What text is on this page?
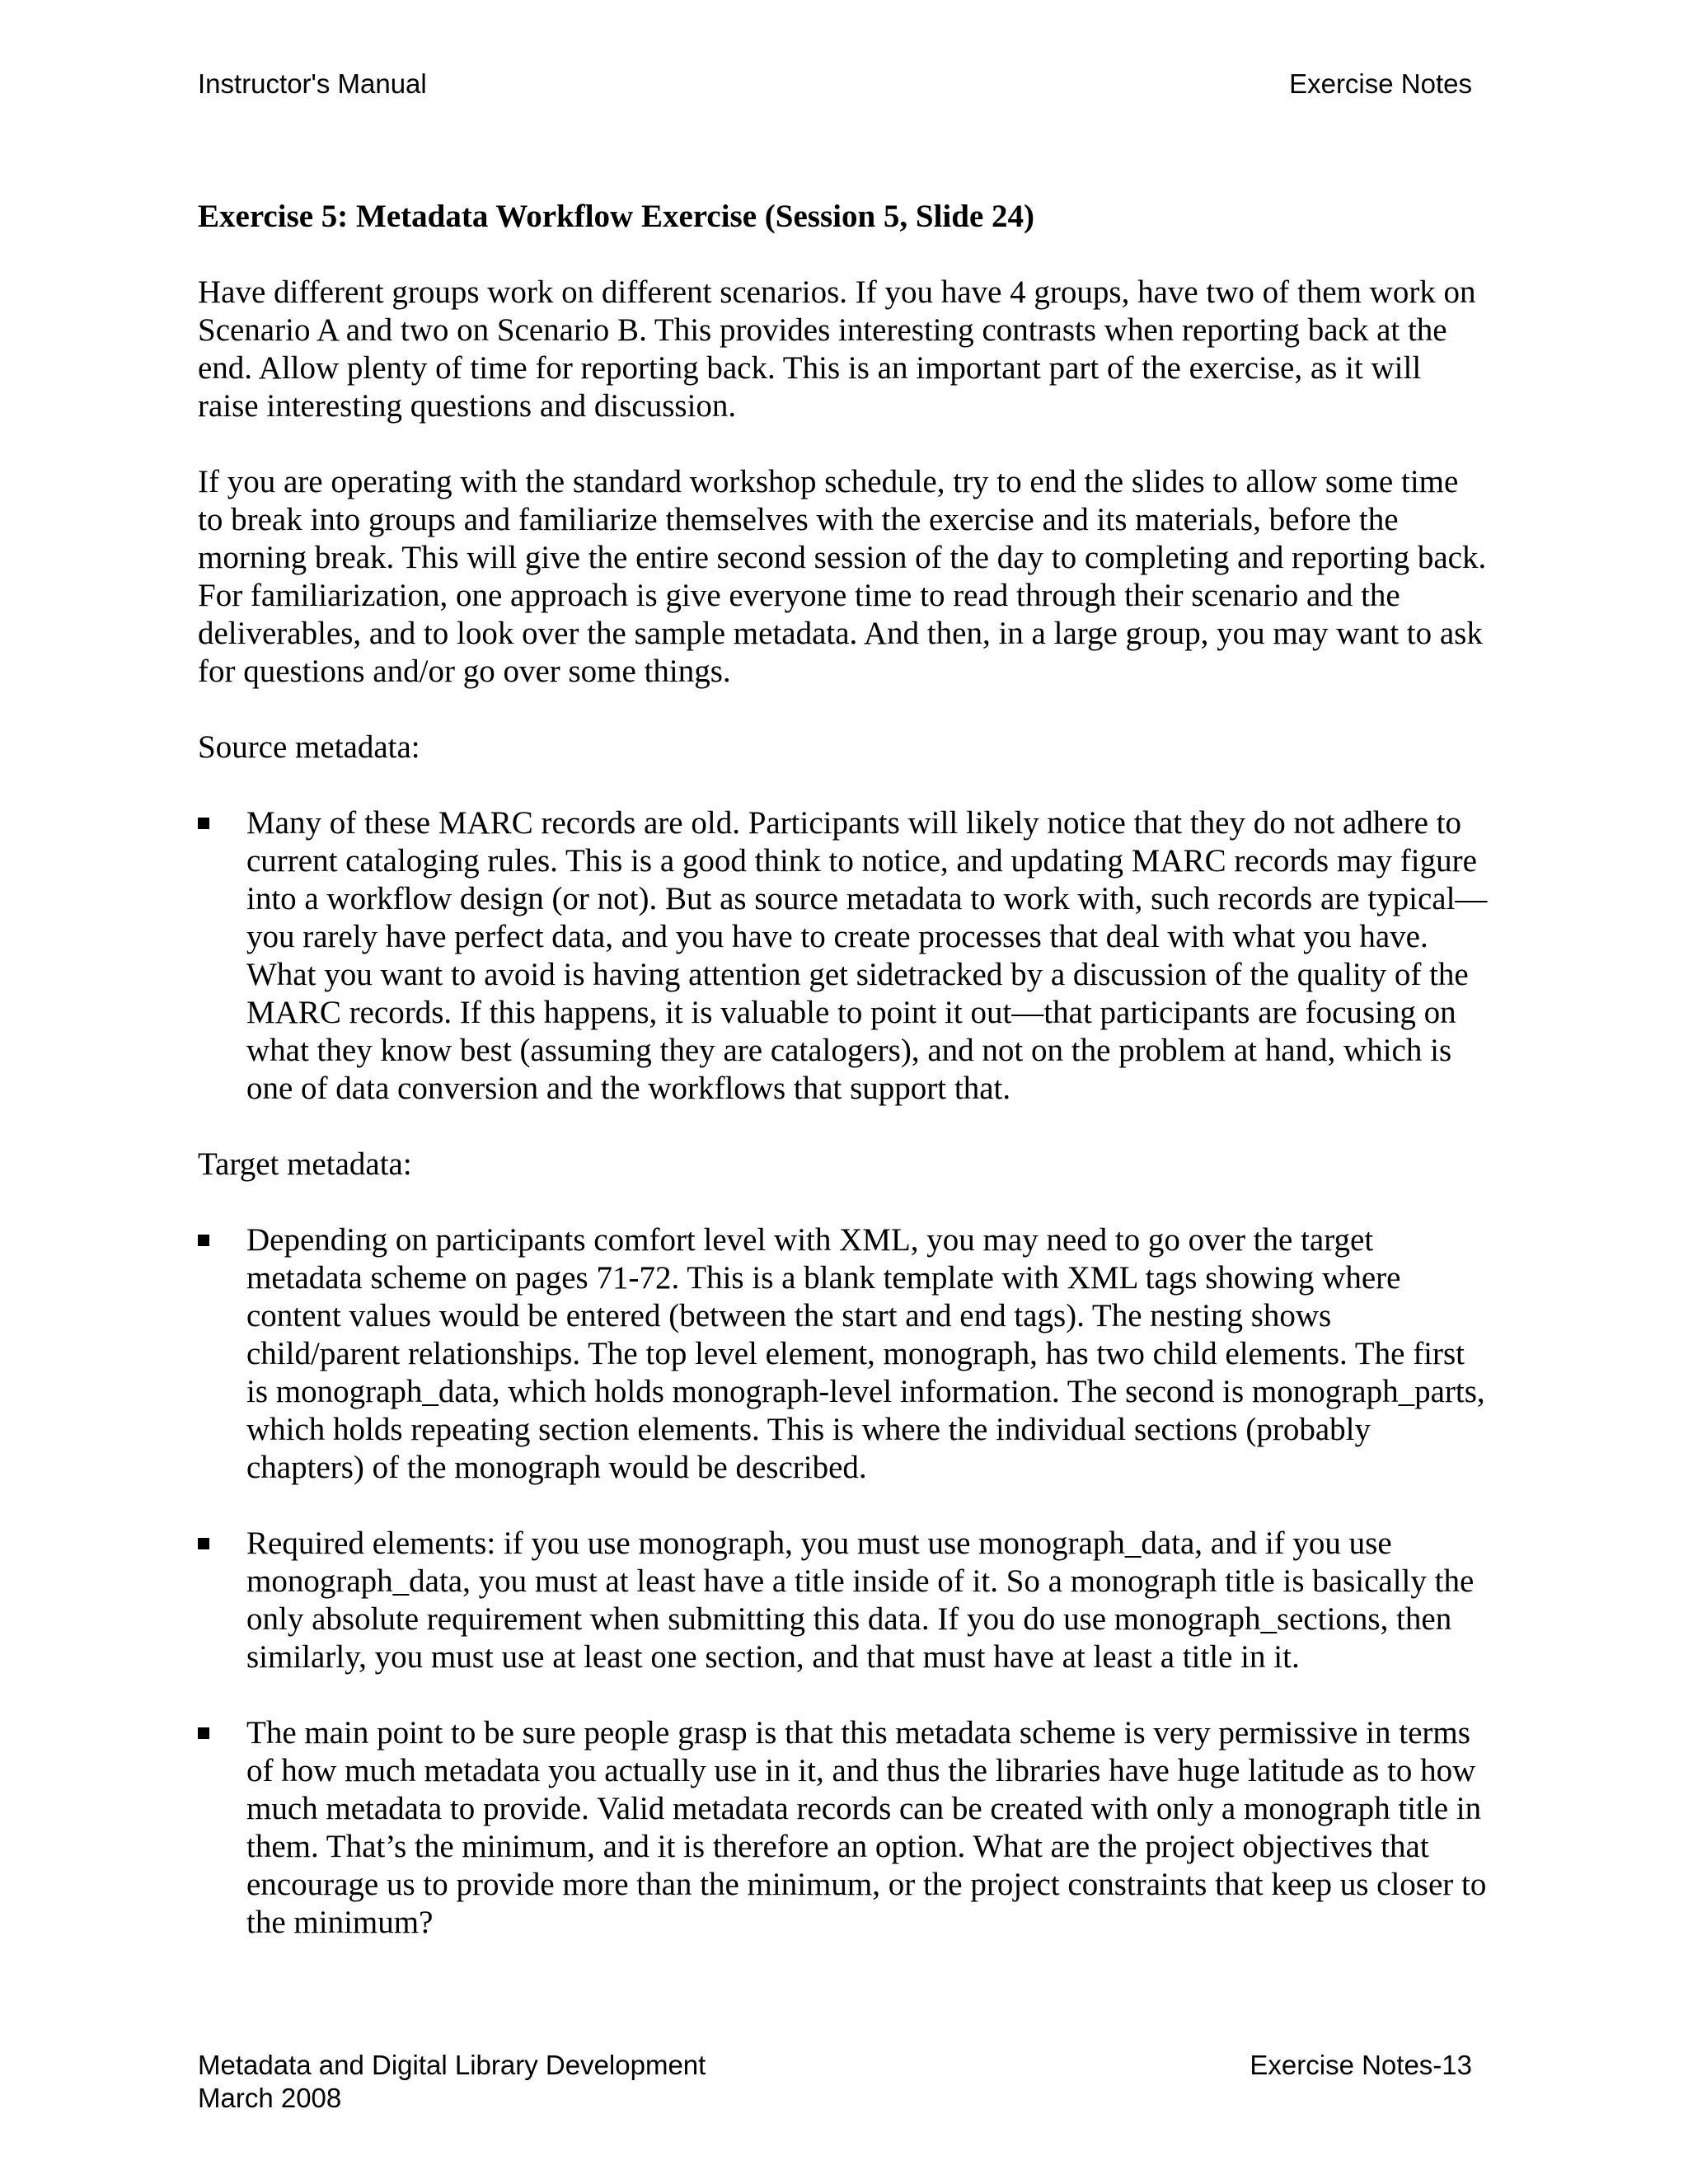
Instructor's Manual	Exercise Notes
Exercise 5: Metadata Workflow Exercise (Session 5, Slide 24)

Have different groups work on different scenarios. If you have 4 groups, have two of them work on Scenario A and two on Scenario B. This provides interesting contrasts when reporting back at the end. Allow plenty of time for reporting back. This is an important part of the exercise, as it will raise interesting questions and discussion.

If you are operating with the standard workshop schedule, try to end the slides to allow some time to break into groups and familiarize themselves with the exercise and its materials, before the morning break. This will give the entire second session of the day to completing and reporting back. For familiarization, one approach is give everyone time to read through their scenario and the deliverables, and to look over the sample metadata. And then, in a large group, you may want to ask for questions and/or go over some things.

Source metadata:

Many of these MARC records are old. Participants will likely notice that they do not adhere to current cataloging rules. This is a good think to notice, and updating MARC records may figure into a workflow design (or not). But as source metadata to work with, such records are typical—you rarely have perfect data, and you have to create processes that deal with what you have. What you want to avoid is having attention get sidetracked by a discussion of the quality of the MARC records. If this happens, it is valuable to point it out—that participants are focusing on what they know best (assuming they are catalogers), and not on the problem at hand, which is one of data conversion and the workflows that support that.

Target metadata:

Depending on participants comfort level with XML, you may need to go over the target metadata scheme on pages 71-72. This is a blank template with XML tags showing where content values would be entered (between the start and end tags). The nesting shows child/parent relationships. The top level element, monograph, has two child elements. The first is monograph_data, which holds monograph-level information. The second is monograph_parts, which holds repeating section elements. This is where the individual sections (probably chapters) of the monograph would be described.
Required elements: if you use monograph, you must use monograph_data, and if you use monograph_data, you must at least have a title inside of it. So a monograph title is basically the only absolute requirement when submitting this data. If you do use monograph_sections, then similarly, you must use at least one section, and that must have at least a title in it.
The main point to be sure people grasp is that this metadata scheme is very permissive in terms of how much metadata you actually use in it, and thus the libraries have huge latitude as to how much metadata to provide. Valid metadata records can be created with only a monograph title in them. That’s the minimum, and it is therefore an option. What are the project objectives that encourage us to provide more than the minimum, or the project constraints that keep us closer to the minimum?
Metadata and Digital Library Development	Exercise Notes-13
March 2008
